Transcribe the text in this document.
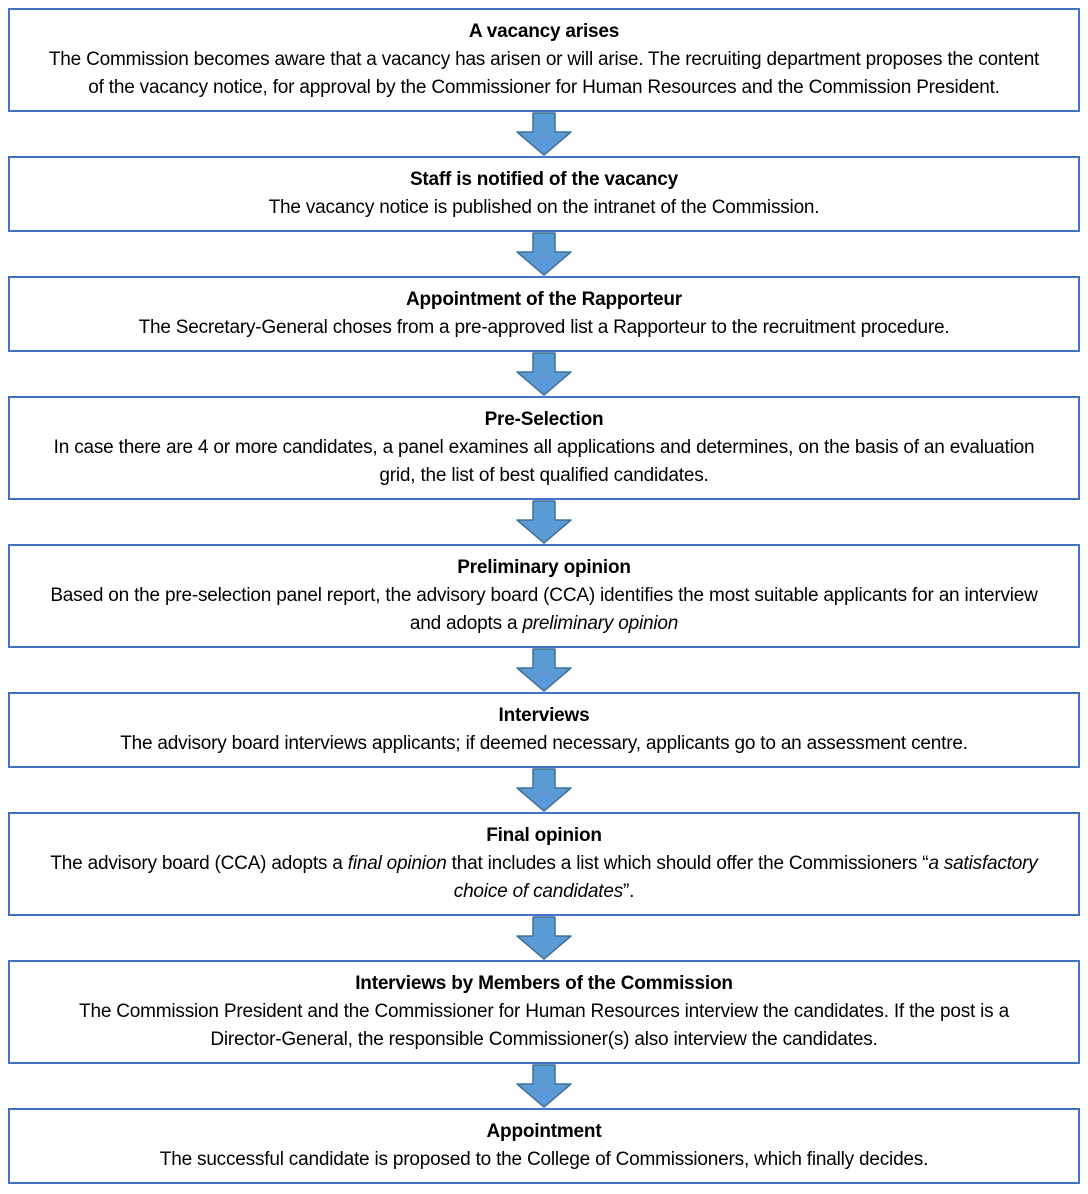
A vacancy arises
The Commission becomes aware that a vacancy has arisen or will arise. The recruiting department proposes the content of the vacancy notice, for approval by the Commissioner for Human Resources and the Commission President.
Staff is notified of the vacancy
The vacancy notice is published on the intranet of the Commission.
Appointment of the Rapporteur
The Secretary-General choses from a pre-approved list a Rapporteur to the recruitment procedure.
Pre-Selection
In case there are 4 or more candidates, a panel examines all applications and determines, on the basis of an evaluation grid, the list of best qualified candidates.
Preliminary opinion
Based on the pre-selection panel report, the advisory board (CCA) identifies the most suitable applicants for an interview and adopts a preliminary opinion
Interviews
The advisory board interviews applicants; if deemed necessary, applicants go to an assessment centre.
Final opinion
The advisory board (CCA) adopts a final opinion that includes a list which should offer the Commissioners “a satisfactory choice of candidates”.
Interviews by Members of the Commission
The Commission President and the Commissioner for Human Resources interview the candidates. If the post is a Director-General, the responsible Commissioner(s) also interview the candidates.
Appointment
The successful candidate is proposed to the College of Commissioners, which finally decides.
